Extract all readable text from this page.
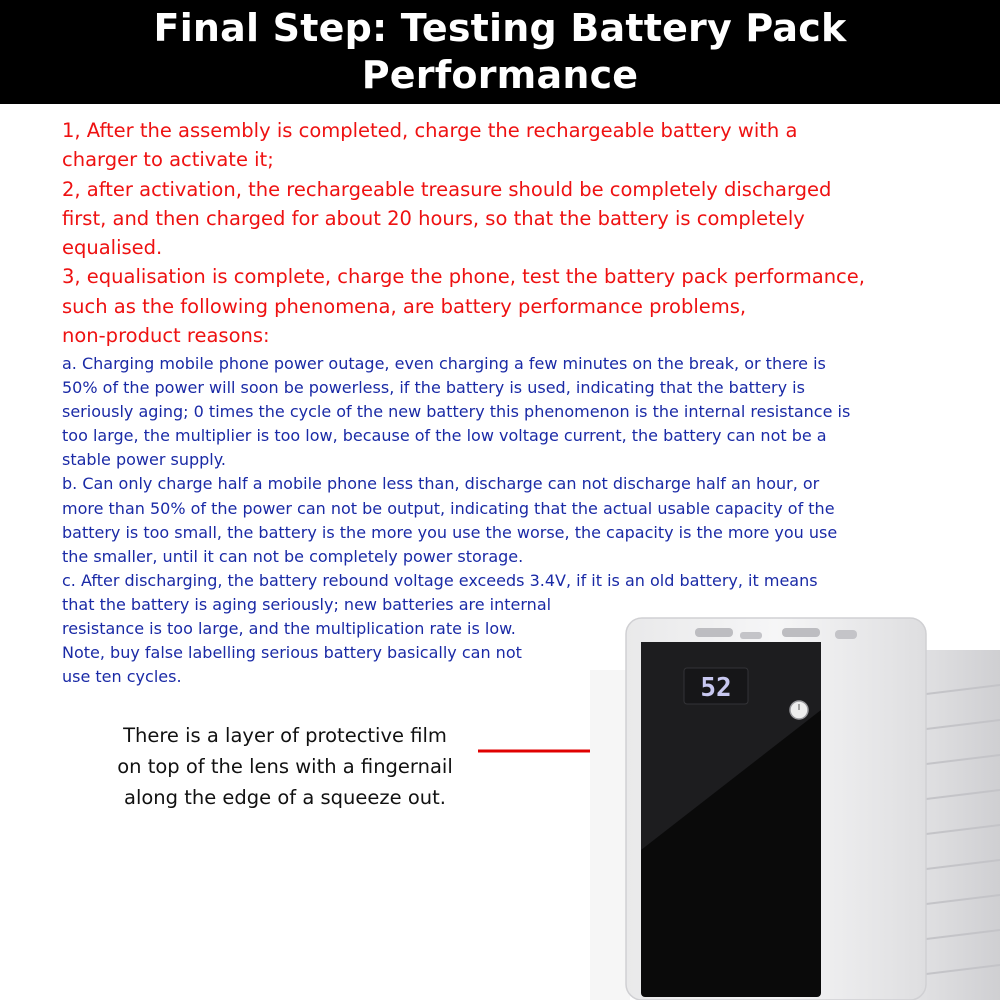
Final Step: Testing Battery Pack
Performance
1, After the assembly is completed, charge the rechargeable battery with a
charger to activate it;
2, after activation, the rechargeable treasure should be completely discharged
first, and then charged for about 20 hours, so that the battery is completely
equalised.
3, equalisation is complete, charge the phone, test the battery pack performance,
such as the following phenomena, are battery performance problems,
non-product reasons:
a. Charging mobile phone power outage, even charging a few minutes on the break, or there is
50% of the power will soon be powerless, if the battery is used, indicating that the battery is
seriously aging; 0 times the cycle of the new battery this phenomenon is the internal resistance is
too large, the multiplier is too low, because of the low voltage current, the battery can not be a
stable power supply.
b. Can only charge half a mobile phone less than, discharge can not discharge half an hour, or
more than 50% of the power can not be output, indicating that the actual usable capacity of the
battery is too small, the battery is the more you use the worse, the capacity is the more you use
the smaller, until it can not be completely power storage.
c. After discharging, the battery rebound voltage exceeds 3.4V, if it is an old battery, it means
that the battery is aging seriously; new batteries are internal
resistance is too large, and the multiplication rate is low.
Note, buy false labelling serious battery basically can not
use ten cycles.
There is a layer of protective film
on top of the lens with a fingernail
along the edge of a squeeze out.
52
